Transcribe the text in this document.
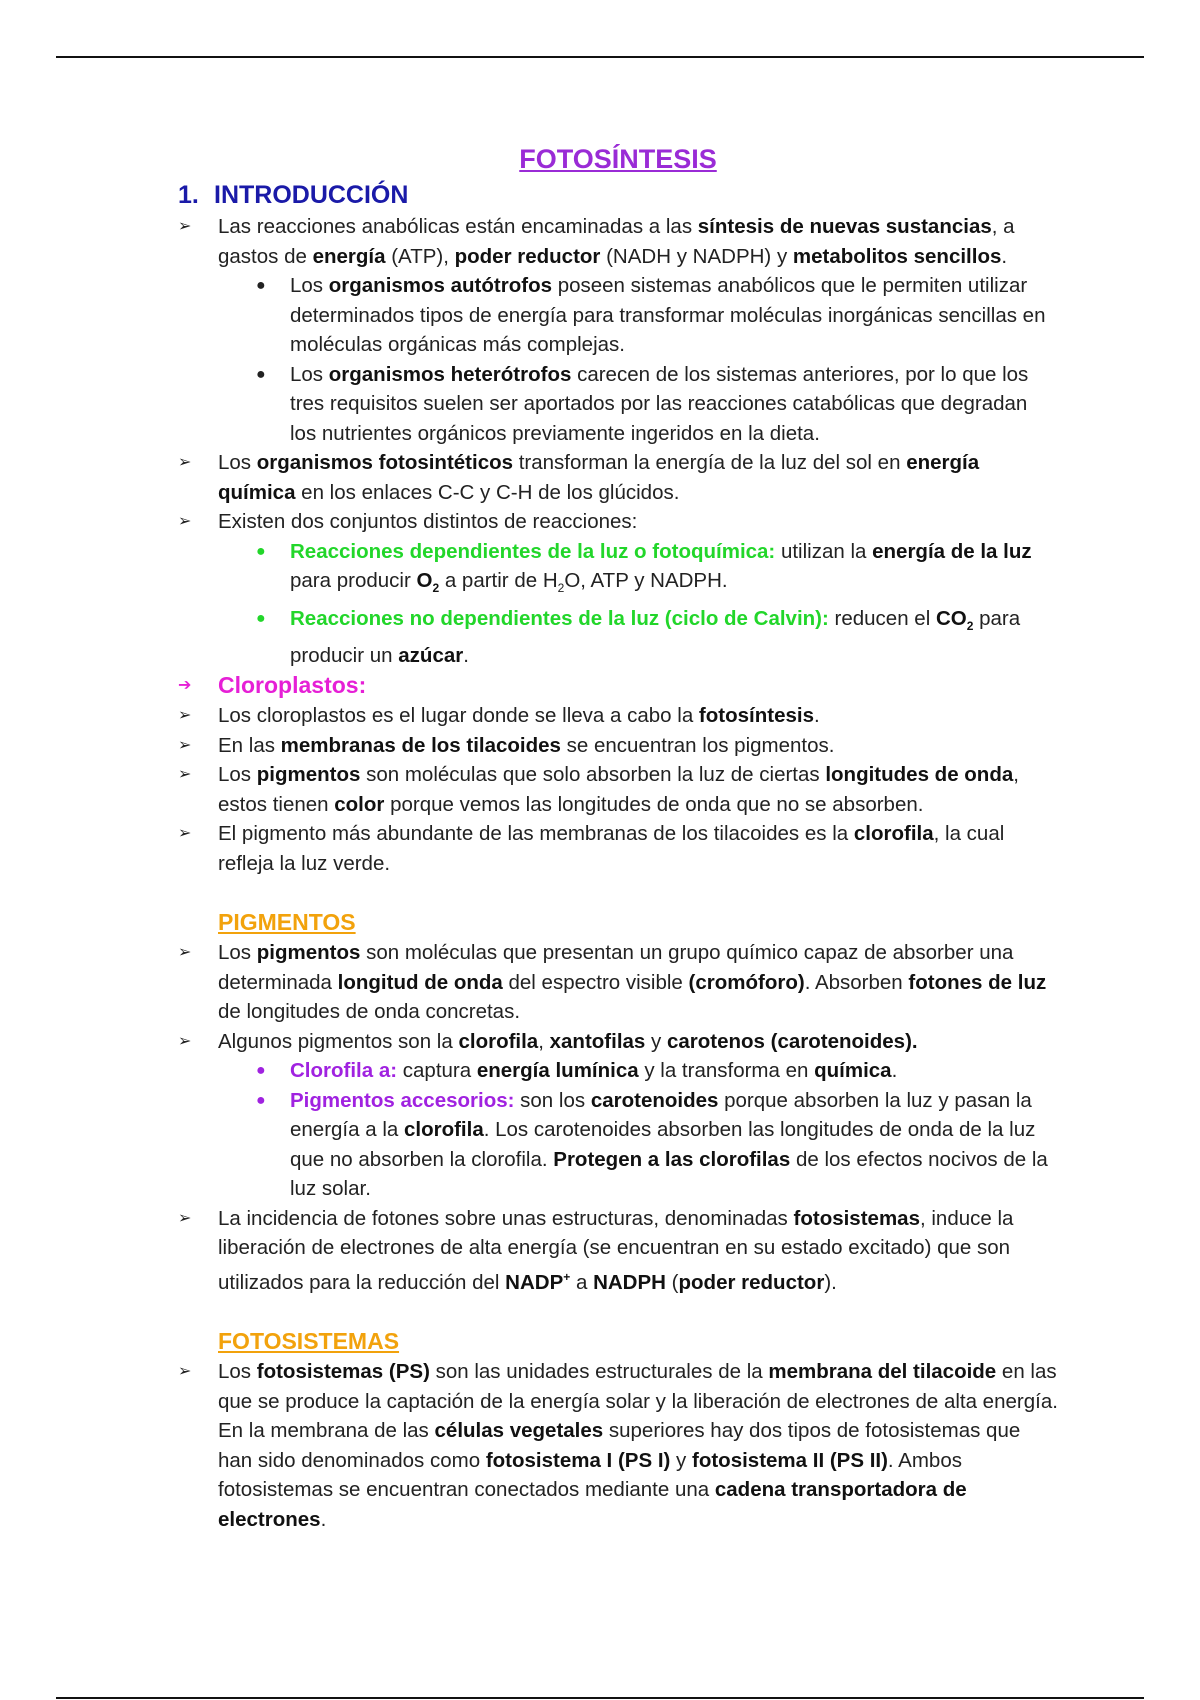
FOTOSÍNTESIS
1. INTRODUCCIÓN
➢	Las reacciones anabólicas están encaminadas a las síntesis de nuevas sustancias, a gastos de energía (ATP), poder reductor (NADH y NADPH) y metabolitos sencillos.
● Los organismos autótrofos poseen sistemas anabólicos que le permiten utilizar determinados tipos de energía para transformar moléculas inorgánicas sencillas en moléculas orgánicas más complejas.
● Los organismos heterótrofos carecen de los sistemas anteriores, por lo que los tres requisitos suelen ser aportados por las reacciones catabólicas que degradan los nutrientes orgánicos previamente ingeridos en la dieta.
➢	Los organismos fotosintéticos transforman la energía de la luz del sol en energía química en los enlaces C-C y C-H de los glúcidos.
➢	Existen dos conjuntos distintos de reacciones:
● Reacciones dependientes de la luz o fotoquímica: utilizan la energía de la luz para producir $O_2$ a partir de $H_2O$, ATP y NADPH.
● Reacciones no dependientes de la luz (ciclo de Calvin): reducen el $CO_2$ para producir un azúcar.
➔	Cloroplastos:
➢	Los cloroplastos es el lugar donde se lleva a cabo la fotosíntesis.
➢	En las membranas de los tilacoides se encuentran los pigmentos.
➢	Los pigmentos son moléculas que solo absorben la luz de ciertas longitudes de onda, estos tienen color porque vemos las longitudes de onda que no se absorben.
➢	El pigmento más abundante de las membranas de los tilacoides es la clorofila, la cual refleja la luz verde.
PIGMENTOS
➢	Los pigmentos son moléculas que presentan un grupo químico capaz de absorber una determinada longitud de onda del espectro visible (cromóforo). Absorben fotones de luz de longitudes de onda concretas.
➢	Algunos pigmentos son la clorofila, xantofilas y carotenos (carotenoides).
● Clorofila a: captura energía lumínica y la transforma en química.
● Pigmentos accesorios: son los carotenoides porque absorben la luz y pasan la energía a la clorofila. Los carotenoides absorben las longitudes de onda de la luz que no absorben la clorofila. Protegen a las clorofilas de los efectos nocivos de la luz solar.
➢	La incidencia de fotones sobre unas estructuras, denominadas fotosistemas, induce la liberación de electrones de alta energía (se encuentran en su estado excitado) que son utilizados para la reducción del NADP+ a NADPH (poder reductor).
FOTOSISTEMAS
➢	Los fotosistemas (PS) son las unidades estructurales de la membrana del tilacoide en las que se produce la captación de la energía solar y la liberación de electrones de alta energía. En la membrana de las células vegetales superiores hay dos tipos de fotosistemas que han sido denominados como fotosistema I (PS I) y fotosistema II (PS II). Ambos fotosistemas se encuentran conectados mediante una cadena transportadora de electrones.
